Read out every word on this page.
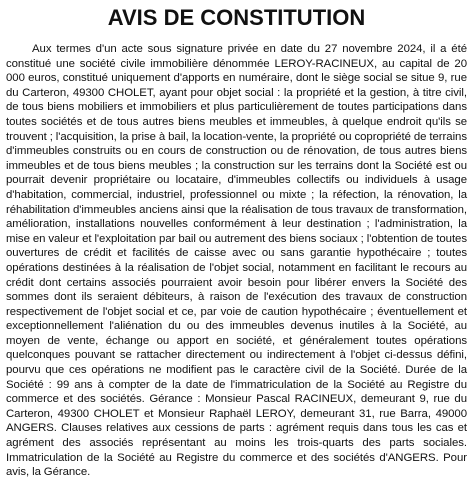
AVIS DE CONSTITUTION

Aux termes d'un acte sous signature privée en date du 27 novembre 2024, il a été constitué une société civile immobilière dénommée LEROY-RACINEUX, au capital de 20 000 euros, constitué uniquement d'apports en numéraire, dont le siège social se situe 9, rue du Carteron, 49300 CHOLET, ayant pour objet social : la propriété et la gestion, à titre civil, de tous biens mobiliers et immobiliers et plus particulièrement de toutes participations dans toutes sociétés et de tous autres biens meubles et immeubles, à quelque endroit qu'ils se trouvent ; l'acquisition, la prise à bail, la location-vente, la propriété ou copropriété de terrains d'immeubles construits ou en cours de construction ou de rénovation, de tous autres biens immeubles et de tous biens meubles ; la construction sur les terrains dont la Société est ou pourrait devenir propriétaire ou locataire, d'immeubles collectifs ou individuels à usage d'habitation, commercial, industriel, professionnel ou mixte ; la réfection, la rénovation, la réhabilitation d'immeubles anciens ainsi que la réalisation de tous travaux de transformation, amélioration, installations nouvelles conformément à leur destination ; l'administration, la mise en valeur et l'exploitation par bail ou autrement des biens sociaux ; l'obtention de toutes ouvertures de crédit et facilités de caisse avec ou sans garantie hypothécaire ; toutes opérations destinées à la réalisation de l'objet social, notamment en facilitant le recours au crédit dont certains associés pourraient avoir besoin pour libérer envers la Société des sommes dont ils seraient débiteurs, à raison de l'exécution des travaux de construction respectivement de l'objet social et ce, par voie de caution hypothécaire ; éventuellement et exceptionnellement l'aliénation du ou des immeubles devenus inutiles à la Société, au moyen de vente, échange ou apport en société, et généralement toutes opérations quelconques pouvant se rattacher directement ou indirectement à l'objet ci-dessus défini, pourvu que ces opérations ne modifient pas le caractère civil de la Société. Durée de la Société : 99 ans à compter de la date de l'immatriculation de la Société au Registre du commerce et des sociétés. Gérance : Monsieur Pascal RACINEUX, demeurant 9, rue du Carteron, 49300 CHOLET et Monsieur Raphaël LEROY, demeurant 31, rue Barra, 49000 ANGERS. Clauses relatives aux cessions de parts : agrément requis dans tous les cas et agrément des associés représentant au moins les trois-quarts des parts sociales. Immatriculation de la Société au Registre du commerce et des sociétés d'ANGERS. Pour avis, la Gérance.
